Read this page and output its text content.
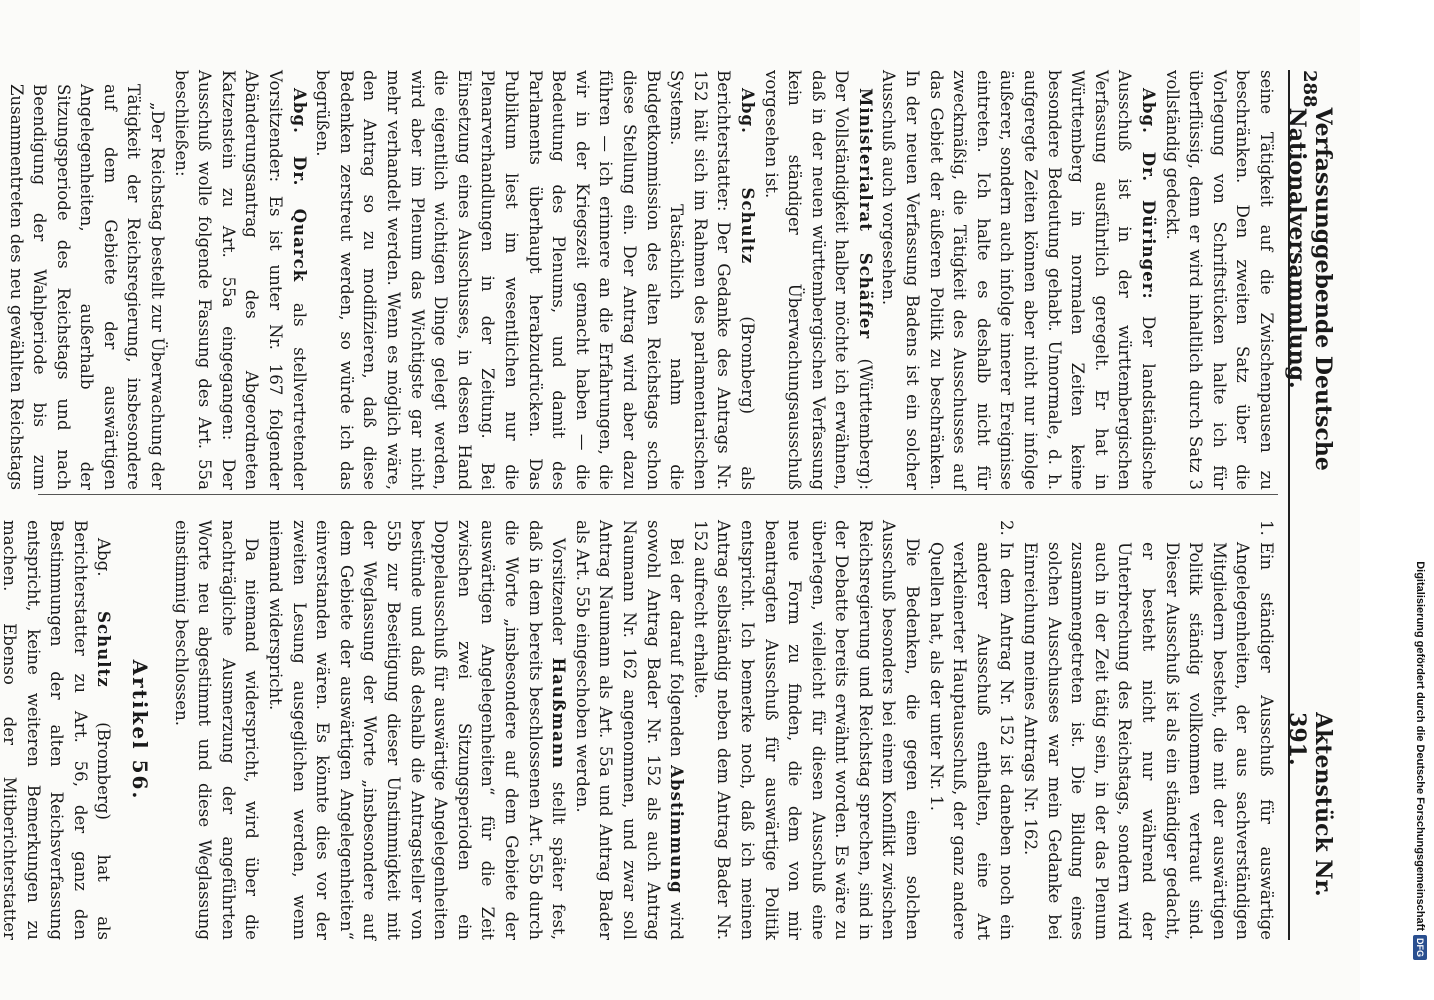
288
Verfassunggebende Deutsche Nationalversammlung.
Aktenstück Nr. 391.

seine Tätigkeit auf die Zwischenpausen zu beschränken. Den zweiten Satz über die Vorlegung von Schriftstücken halte ich für überflüssig, denn er wird inhaltlich durch Satz 3 vollständig gedeckt.

Abg. Dr. Düringer: Der landständische Ausschuß ist in der württembergischen Verfassung ausführlich geregelt. Er hat in Württemberg in normalen Zeiten keine besondere Bedeutung gehabt. Unnormale, d. h. aufgeregte Zeiten können aber nicht nur infolge äußerer, sondern auch infolge innerer Ereignisse eintreten. Ich halte es deshalb nicht für zweckmäßig, die Tätigkeit des Ausschusses auf das Gebiet der äußeren Politik zu beschränken. In der neuen Verfassung Badens ist ein solcher Ausschuß auch vorgesehen.

Ministerialrat Schäffer (Württemberg): Der Vollständigkeit halber möchte ich erwähnen, daß in der neuen württembergischen Verfassung kein ständiger Überwachungsausschuß vorgesehen ist.

Abg. Schultz (Bromberg) als Berichterstatter: Der Gedanke des Antrags Nr. 152 hält sich im Rahmen des parlamentarischen Systems. Tatsächlich nahm die Budgetkommission des alten Reichstags schon diese Stellung ein. Der Antrag wird aber dazu führen — ich erinnere an die Erfahrungen, die wir in der Kriegszeit gemacht haben — die Bedeutung des Plenums, und damit des Parlaments überhaupt herabzudrücken. Das Publikum liest im wesentlichen nur die Plenarverhandlungen in der Zeitung. Bei Einsetzung eines Ausschusses, in dessen Hand die eigentlich wichtigen Dinge gelegt werden, wird aber im Plenum das Wichtigste gar nicht mehr verhandelt werden. Wenn es möglich wäre, den Antrag so zu modifizieren, daß diese Bedenken zerstreut werden, so würde ich das begrüßen.

Abg. Dr. Quarck als stellvertretender Vorsitzender: Es ist unter Nr. 167 folgender Abänderungsantrag des Abgeordneten Katzenstein zu Art. 55a eingegangen: Der Ausschuß wolle folgende Fassung des Art. 55a beschließen:

„Der Reichstag bestellt zur Überwachung der Tätigkeit der Reichsregierung, insbesondere auf dem Gebiete der auswärtigen Angelegenheiten, außerhalb der Sitzungsperiode des Reichstags und nach Beendigung der Wahlperiode bis zum Zusammentreten des neu gewählten Reichstags

1.

Ein ständiger Ausschuß für auswärtige Angelegenheiten, der aus sachverständigen Mitgliedern besteht, die mit der auswärtigen Politik ständig vollkommen vertraut sind. Dieser Ausschuß ist als ein ständiger gedacht, er besteht nicht nur während der Unterbrechung des Reichstags, sondern wird auch in der Zeit tätig sein, in der das Plenum zusammengetreten ist. Die Bildung eines solchen Ausschusses war mein Gedanke bei Einreichung meines Antrags Nr. 162.

2.

In dem Antrag Nr. 152 ist daneben noch ein anderer Ausschuß enthalten, eine Art verkleinerter Hauptausschuß, der ganz andere Quellen hat, als der unter Nr. 1.

Die Bedenken, die gegen einen solchen Ausschuß besonders bei einem Konflikt zwischen Reichsregierung und Reichstag sprechen, sind in der Debatte bereits erwähnt worden. Es wäre zu überlegen, vielleicht für diesen Ausschuß eine neue Form zu finden, die dem von mir beantragten Ausschuß für auswärtige Politik entspricht. Ich bemerke noch, daß ich meinen Antrag selbständig neben dem Antrag Bader Nr. 152 aufrecht erhalte.

Bei der darauf folgenden Abstimmung wird sowohl Antrag Bader Nr. 152 als auch Antrag Naumann Nr. 162 angenommen, und zwar soll Antrag Naumann als Art. 55a und Antrag Bader als Art. 55b eingeschoben werden.

Vorsitzender Haußmann stellt später fest, daß in dem bereits beschlossenen Art. 55b durch die Worte „insbesondere auf dem Gebiete der auswärtigen Angelegenheiten“ für die Zeit zwischen zwei Sitzungsperioden ein Doppelausschuß für auswärtige Angelegenheiten bestünde und daß deshalb die Antragsteller von 55b zur Beseitigung dieser Unstimmigkeit mit der Weglassung der Worte „insbesondere auf dem Gebiete der auswärtigen Angelegenheiten“ einverstanden wären. Es könnte dies vor der zweiten Lesung ausgeglichen werden, wenn niemand widerspricht.

Da niemand widerspricht, wird über die nachträgliche Ausmerzung der angeführten Worte neu abgestimmt und diese Weglassung einstimmig beschlossen.

Artikel 56.

Abg. Schultz (Bromberg) hat als Berichterstatter zu Art. 56, der ganz den Bestimmungen der alten Reichsverfassung entspricht, keine weiteren Bemerkungen zu machen. Ebenso der Mitberichterstatter	Digitalisierung gefördert durch die Deutsche Forschungsgemeinschaft
DFG
